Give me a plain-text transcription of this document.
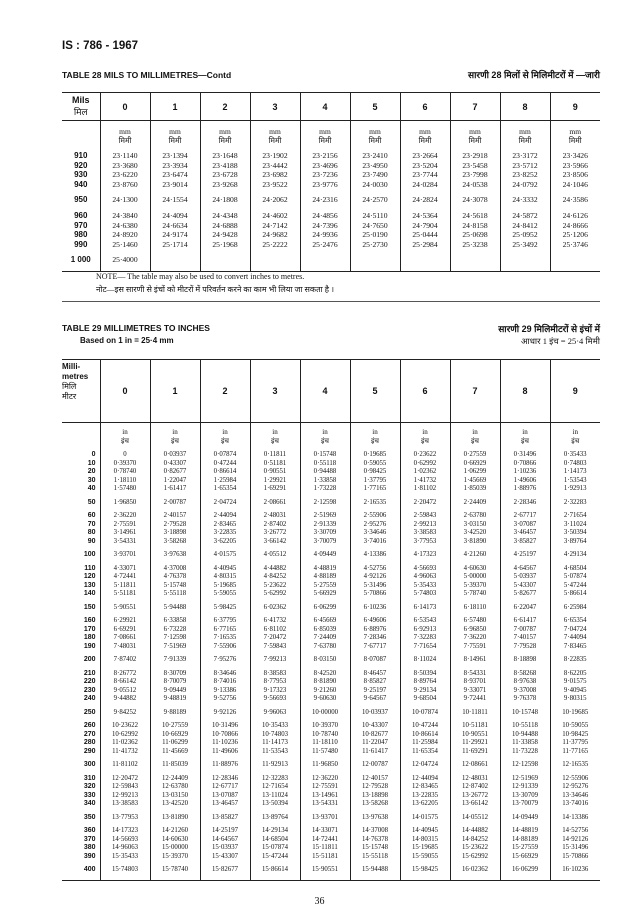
IS : 786 - 1967
TABLE 28 MILS TO MILLIMETRES—Contd	सारणी 28 मिलों से मिलिमीटरों में —जारी
Mils
मिल	0	1	2	3	4	5	6	7	8	9

	mm	mm	mm	mm	mm	mm	mm	mm	mm	mm
	मिमी	मिमी	मिमी	मिमी	मिमी	मिमी	मिमी	मिमी	मिमी	मिमी

910	23·1140	23·1394	23·1648	23·1902	23·2156	23·2410	23·2664	23·2918	23·3172	23·3426
920	23·3680	23·3934	23·4188	23·4442	23·4696	23·4950	23·5204	23·5458	23·5712	23·5966
930	23·6220	23·6474	23·6728	23·6982	23·7236	23·7490	23·7744	23·7998	23·8252	23·8506
940	23·8760	23·9014	23·9268	23·9522	23·9776	24·0030	24·0284	24·0538	24·0792	24·1046

950	24·1300	24·1554	24·1808	24·2062	24·2316	24·2570	24·2824	24·3078	24·3332	24·3586

960	24·3840	24·4094	24·4348	24·4602	24·4856	24·5110	24·5364	24·5618	24·5872	24·6126
970	24·6380	24·6634	24·6888	24·7142	24·7396	24·7650	24·7904	24·8158	24·8412	24·8666
980	24·8920	24·9174	24·9428	24·9682	24·9936	25·0190	25·0444	25·0698	25·0952	25·1206
990	25·1460	25·1714	25·1968	25·2222	25·2476	25·2730	25·2984	25·3238	25·3492	25·3746

1 000	25·4000									

NOTE— The table may also be used to convert inches to metres.
नोट—इस सारणी से इंचों को मीटरों में परिवर्तन करने का काम भी लिया जा सकता है ।
TABLE 29 MILLIMETRES TO INCHES
Based on 1 in = 25·4 mm
सारणी 29 मिलिमीटरों से इंचों में
आधार 1 इंच = 25·4 मिमी
Milli-
metres
मिलि
मीटर	0	1	2	3	4	5	6	7	8	9

	in	in	in	in	in	in	in	in	in	in
	इंच	इंच	इंच	इंच	इंच	इंच	इंच	इंच	इंच	इंच

0	0	0·03937	0·07874	0·11811	0·15748	0·19685	0·23622	0·27559	0·31496	0·35433
10	0·39370	0·43307	0·47244	0·51181	0·55118	0·59055	0·62992	0·66929	0·70866	0·74803
20	0·78740	0·82677	0·86614	0·90551	0·94488	0·98425	1·02362	1·06299	1·10236	1·14173
30	1·18110	1·22047	1·25984	1·29921	1·33858	1·37795	1·41732	1·45669	1·49606	1·53543
40	1·57480	1·61417	1·65354	1·69291	1·73228	1·77165	1·81102	1·85039	1·88976	1·92913

50	1·96850	2·00787	2·04724	2·08661	2·12598	2·16535	2·20472	2·24409	2·28346	2·32283

60	2·36220	2·40157	2·44094	2·48031	2·51969	2·55906	2·59843	2·63780	2·67717	2·71654
70	2·75591	2·79528	2·83465	2·87402	2·91339	2·95276	2·99213	3·03150	3·07087	3·11024
80	3·14961	3·18898	3·22835	3·26772	3·30709	3·34646	3·38583	3·42520	3·46457	3·50394
90	3·54331	3·58268	3·62205	3·66142	3·70079	3·74016	3·77953	3·81890	3·85827	3·89764

100	3·93701	3·97638	4·01575	4·05512	4·09449	4·13386	4·17323	4·21260	4·25197	4·29134

110	4·33071	4·37008	4·40945	4·44882	4·48819	4·52756	4·56693	4·60630	4·64567	4·68504
120	4·72441	4·76378	4·80315	4·84252	4·88189	4·92126	4·96063	5·00000	5·03937	5·07874
130	5·11811	5·15748	5·19685	5·23622	5·27559	5·31496	5·35433	5·39370	5·43307	5·47244
140	5·51181	5·55118	5·59055	5·62992	5·66929	5·70866	5·74803	5·78740	5·82677	5·86614

150	5·90551	5·94488	5·98425	6·02362	6·06299	6·10236	6·14173	6·18110	6·22047	6·25984

160	6·29921	6·33858	6·37795	6·41732	6·45669	6·49606	6·53543	6·57480	6·61417	6·65354
170	6·69291	6·73228	6·77165	6·81102	6·85039	6·88976	6·92913	6·96850	7·00787	7·04724
180	7·08661	7·12598	7·16535	7·20472	7·24409	7·28346	7·32283	7·36220	7·40157	7·44094
190	7·48031	7·51969	7·55906	7·59843	7·63780	7·67717	7·71654	7·75591	7·79528	7·83465

200	7·87402	7·91339	7·95276	7·99213	8·03150	8·07087	8·11024	8·14961	8·18898	8·22835

210	8·26772	8·30709	8·34646	8·38583	8·42520	8·46457	8·50394	8·54331	8·58268	8·62205
220	8·66142	8·70079	8·74016	8·77953	8·81890	8·85827	8·89764	8·93701	8·97638	9·01575
230	9·05512	9·09449	9·13386	9·17323	9·21260	9·25197	9·29134	9·33071	9·37008	9·40945
240	9·44882	9·48819	9·52756	9·56693	9·60630	9·64567	9·68504	9·72441	9·76378	9·80315

250	9·84252	9·88189	9·92126	9·96063	10·00000	10·03937	10·07874	10·11811	10·15748	10·19685

260	10·23622	10·27559	10·31496	10·35433	10·39370	10·43307	10·47244	10·51181	10·55118	10·59055
270	10·62992	10·66929	10·70866	10·74803	10·78740	10·82677	10·86614	10·90551	10·94488	10·98425
280	11·02362	11·06299	11·10236	11·14173	11·18110	11·22047	11·25984	11·29921	11·33858	11·37795
290	11·41732	11·45669	11·49606	11·53543	11·57480	11·61417	11·65354	11·69291	11·73228	11·77165

300	11·81102	11·85039	11·88976	11·92913	11·96850	12·00787	12·04724	12·08661	12·12598	12·16535

310	12·20472	12·24409	12·28346	12·32283	12·36220	12·40157	12·44094	12·48031	12·51969	12·55906
320	12·59843	12·63780	12·67717	12·71654	12·75591	12·79528	12·83465	12·87402	12·91339	12·95276
330	12·99213	13·03150	13·07087	13·11024	13·14961	13·18898	13·22835	13·26772	13·30709	13·34646
340	13·38583	13·42520	13·46457	13·50394	13·54331	13·58268	13·62205	13·66142	13·70079	13·74016

350	13·77953	13·81890	13·85827	13·89764	13·93701	13·97638	14·01575	14·05512	14·09449	14·13386

360	14·17323	14·21260	14·25197	14·29134	14·33071	14·37008	14·40945	14·44882	14·48819	14·52756
370	14·56693	14·60630	14·64567	14·68504	14·72441	14·76378	14·80315	14·84252	14·88189	14·92126
380	14·96063	15·00000	15·03937	15·07874	15·11811	15·15748	15·19685	15·23622	15·27559	15·31496
390	15·35433	15·39370	15·43307	15·47244	15·51181	15·55118	15·59055	15·62992	15·66929	15·70866

400	15·74803	15·78740	15·82677	15·86614	15·90551	15·94488	15·98425	16·02362	16·06299	16·10236

36
